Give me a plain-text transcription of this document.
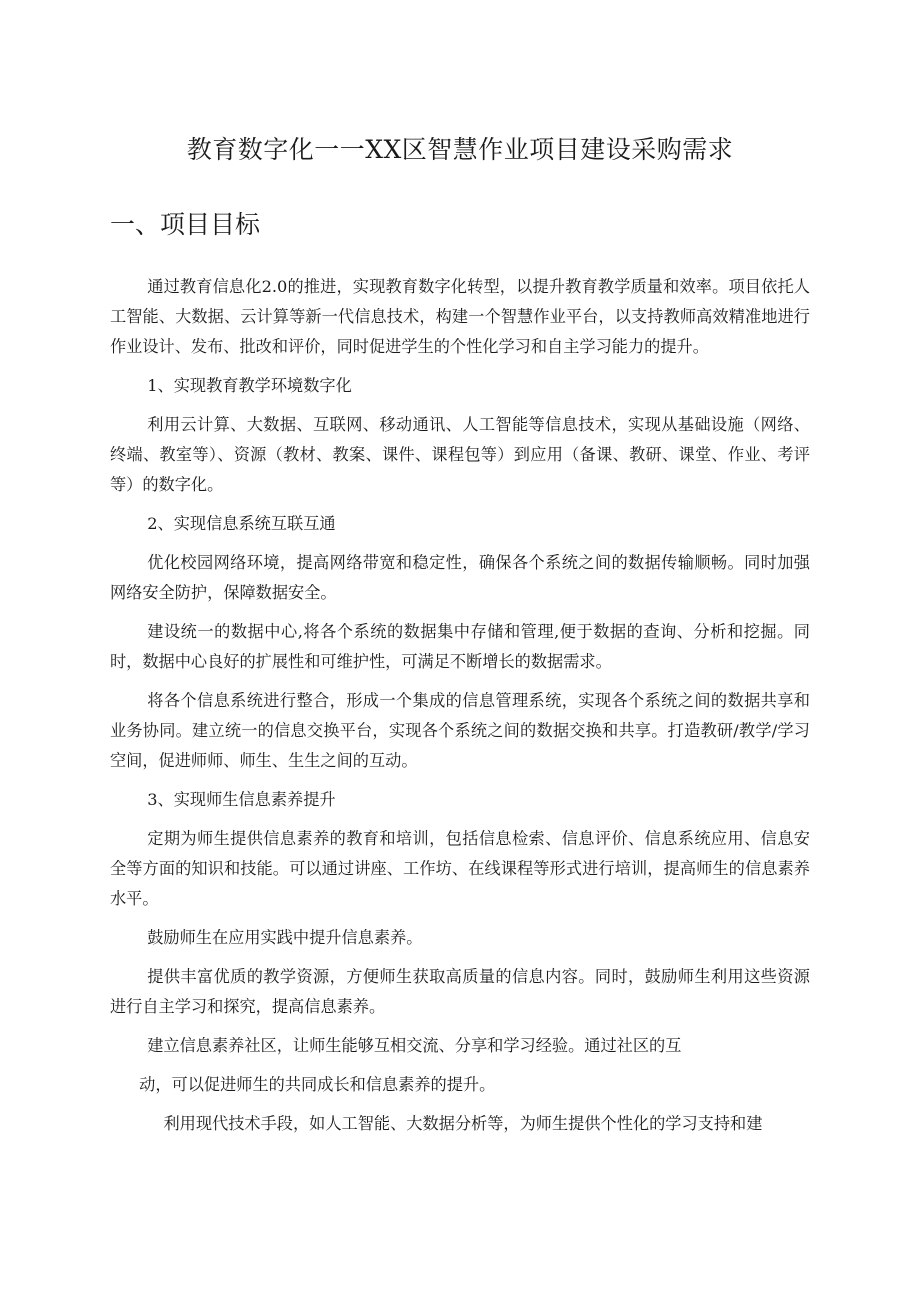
教育数字化一一XX区智慧作业项目建设采购需求
一、项目目标

通过教育信息化2.0的推进，实现教育数字化转型，以提升教育教学质量和效率。项目依托人工智能、大数据、云计算等新一代信息技术，构建一个智慧作业平台，以支持教师高效精准地进行作业设计、发布、批改和评价，同时促进学生的个性化学习和自主学习能力的提升。

1、实现教育教学环境数字化

利用云计算、大数据、互联网、移动通讯、人工智能等信息技术，实现从基础设施（网络、终端、教室等）、资源（教材、教案、课件、课程包等）到应用（备课、教研、课堂、作业、考评等）的数字化。

2、实现信息系统互联互通

优化校园网络环境，提高网络带宽和稳定性，确保各个系统之间的数据传输顺畅。同时加强网络安全防护，保障数据安全。

建设统一的数据中心,将各个系统的数据集中存储和管理,便于数据的查询、分析和挖掘。同时，数据中心良好的扩展性和可维护性，可满足不断增长的数据需求。

将各个信息系统进行整合，形成一个集成的信息管理系统，实现各个系统之间的数据共享和业务协同。建立统一的信息交换平台，实现各个系统之间的数据交换和共享。打造教研/教学/学习空间，促进师师、师生、生生之间的互动。

3、实现师生信息素养提升

定期为师生提供信息素养的教育和培训，包括信息检索、信息评价、信息系统应用、信息安全等方面的知识和技能。可以通过讲座、工作坊、在线课程等形式进行培训，提高师生的信息素养水平。

鼓励师生在应用实践中提升信息素养。

提供丰富优质的教学资源，方便师生获取高质量的信息内容。同时，鼓励师生利用这些资源进行自主学习和探究，提高信息素养。

建立信息素养社区，让师生能够互相交流、分享和学习经验。通过社区的互
动，可以促进师生的共同成长和信息素养的提升。

利用现代技术手段，如人工智能、大数据分析等，为师生提供个性化的学习支持和建
